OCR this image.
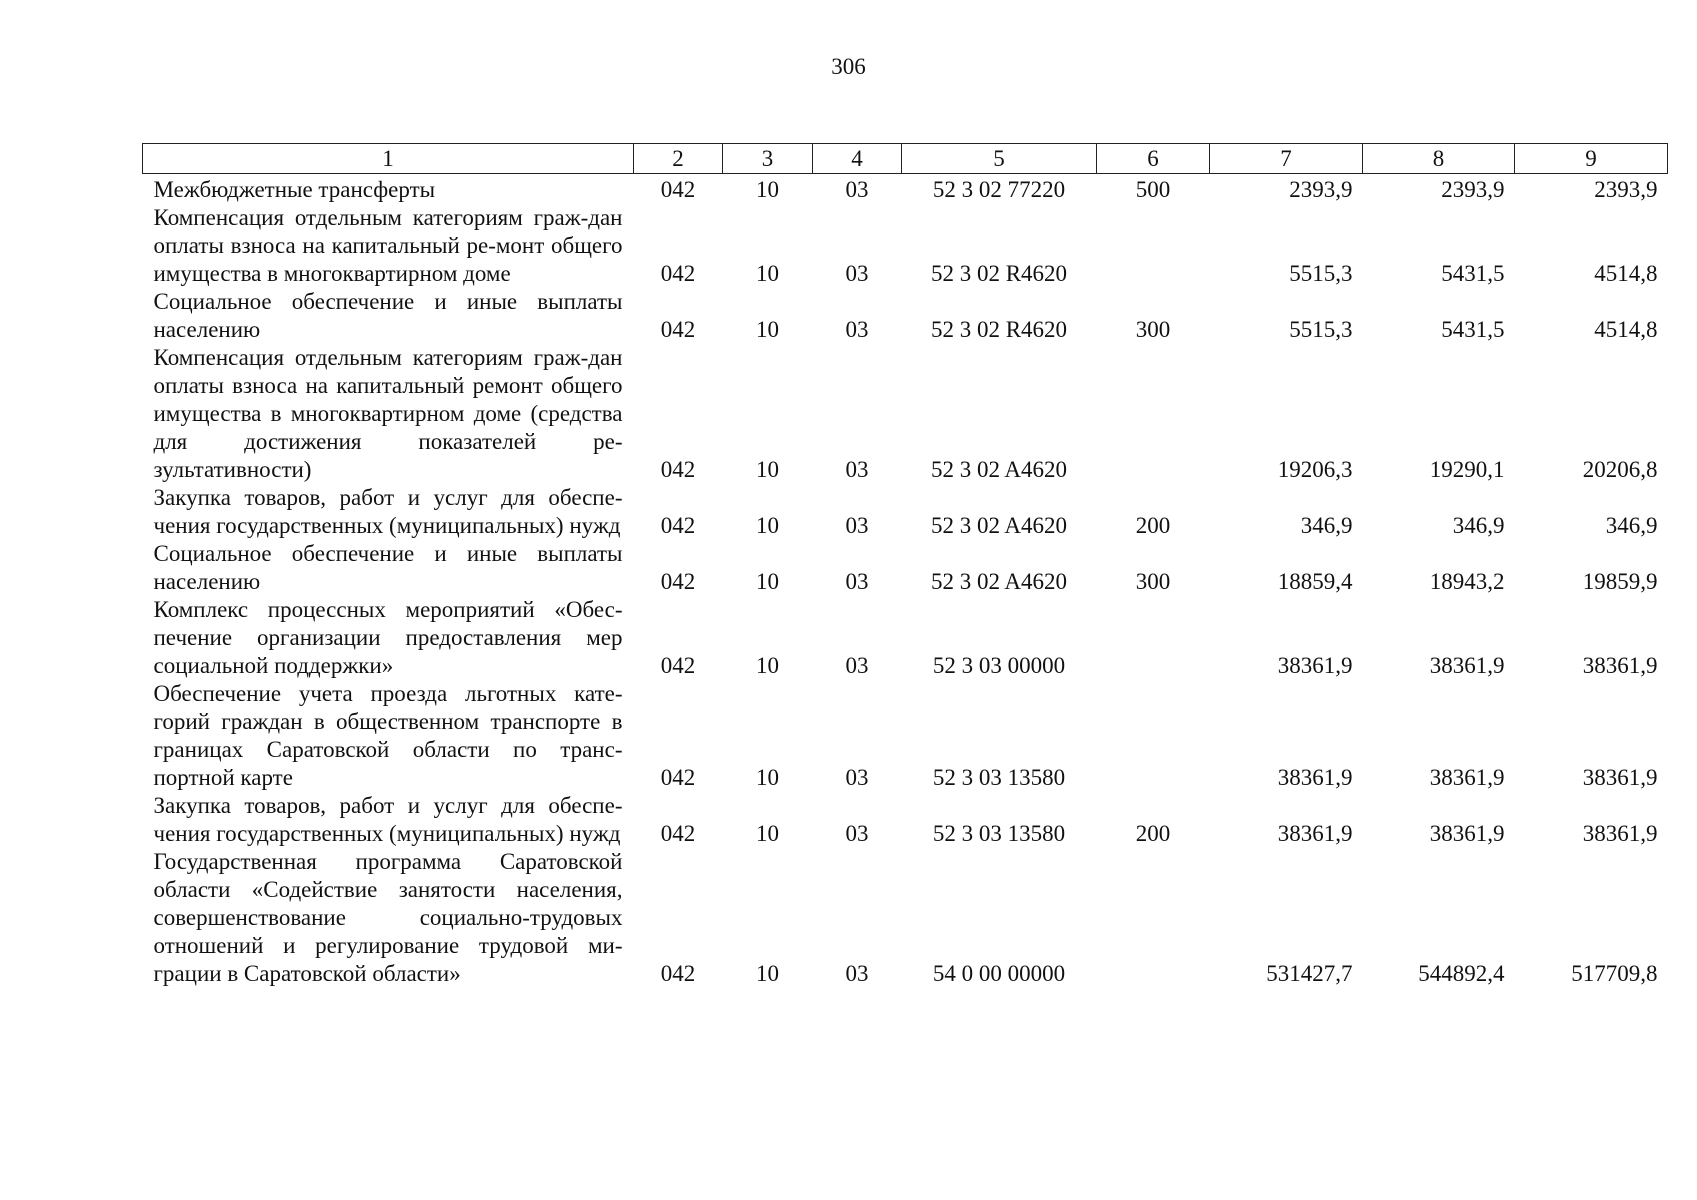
306
1	2	3	4	5	6	7	8	9
Межбюджетные трансферты	042	10	03	52 3 02 77220	500	2393,9	2393,9	2393,9
Компенсация отдельным категориям граж-дан оплаты взноса на капитальный ре-монт общего имущества в многоквартирном доме	042	10	03	52 3 02 R4620		5515,3	5431,5	4514,8
Социальное обеспечение и иные выплаты населению	042	10	03	52 3 02 R4620	300	5515,3	5431,5	4514,8
Компенсация отдельным категориям граж-дан оплаты взноса на капитальный ремонт общего имущества в многоквартирном доме (средства для достижения показателей ре-зультативности)	042	10	03	52 3 02 A4620		19206,3	19290,1	20206,8
Закупка товаров, работ и услуг для обеспе-чения государственных (муниципальных) нужд	042	10	03	52 3 02 A4620	200	346,9	346,9	346,9
Социальное обеспечение и иные выплаты населению	042	10	03	52 3 02 A4620	300	18859,4	18943,2	19859,9
Комплекс процессных мероприятий «Обес-печение организации предоставления мер социальной поддержки»	042	10	03	52 3 03 00000		38361,9	38361,9	38361,9
Обеспечение учета проезда льготных кате-горий граждан в общественном транспорте в границах Саратовской области по транс-портной карте	042	10	03	52 3 03 13580		38361,9	38361,9	38361,9
Закупка товаров, работ и услуг для обеспе-чения государственных (муниципальных) нужд	042	10	03	52 3 03 13580	200	38361,9	38361,9	38361,9
Государственная программа Саратовской области «Содействие занятости населения, совершенствование социально-трудовых отношений и регулирование трудовой ми-грации в Саратовской области»	042	10	03	54 0 00 00000		531427,7	544892,4	517709,8
